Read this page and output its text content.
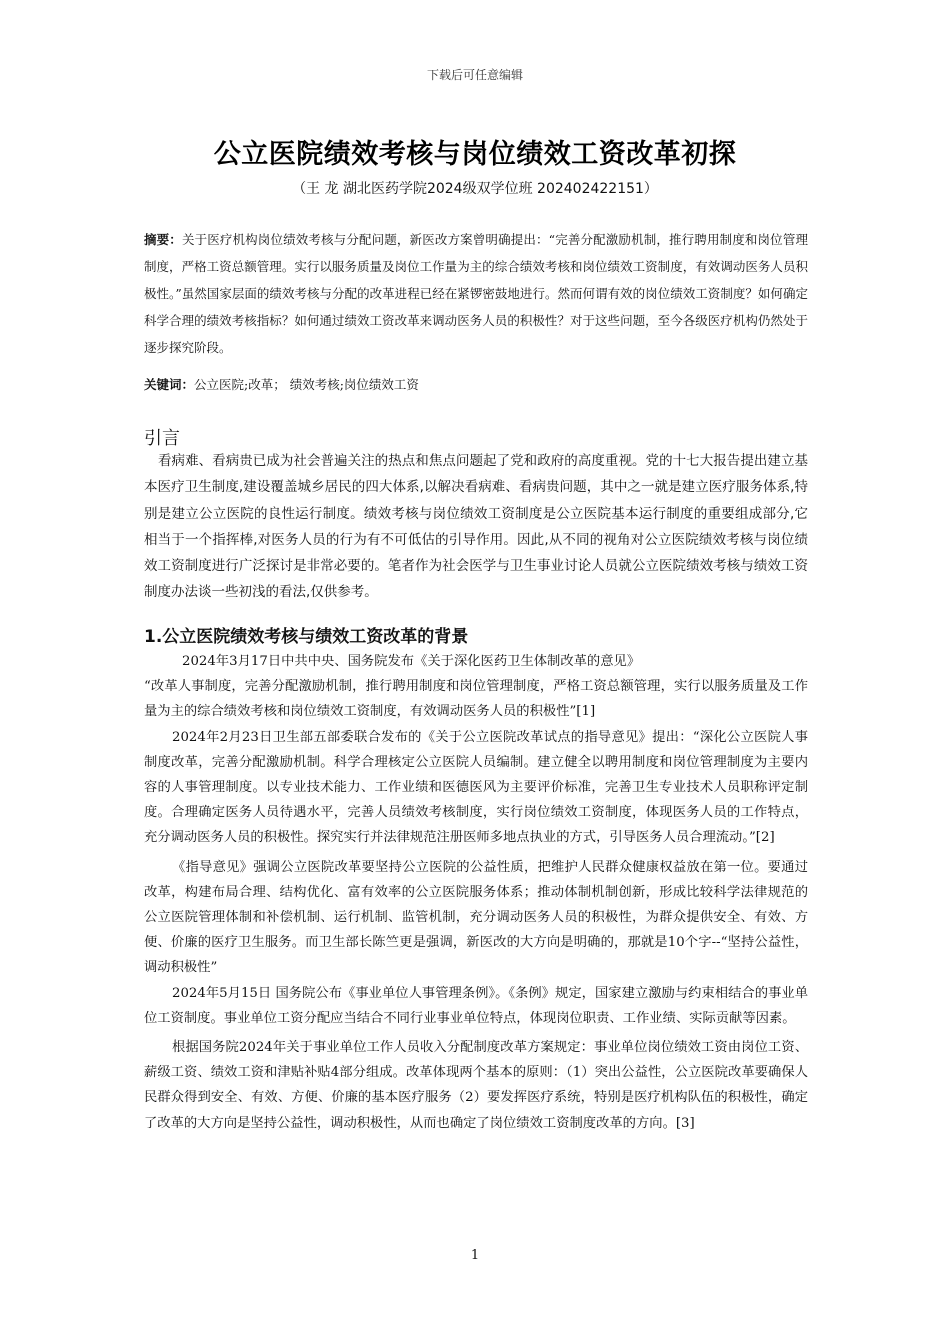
下载后可任意编辑
公立医院绩效考核与岗位绩效工资改革初探
（王 龙 湖北医药学院2024级双学位班 202402422151）
摘要：关于医疗机构岗位绩效考核与分配问题，新医改方案曾明确提出：“完善分配激励机制，推行聘用制度和岗位管理制度，严格工资总额管理。实行以服务质量及岗位工作量为主的综合绩效考核和岗位绩效工资制度，有效调动医务人员积极性。”虽然国家层面的绩效考核与分配的改革进程已经在紧锣密鼓地进行。然而何谓有效的岗位绩效工资制度？如何确定科学合理的绩效考核指标？如何通过绩效工资改革来调动医务人员的积极性？对于这些问题，至今各级医疗机构仍然处于逐步探究阶段。
关键词：公立医院;改革； 绩效考核;岗位绩效工资
引言

看病难、看病贵已成为社会普遍关注的热点和焦点问题起了党和政府的高度重视。党的十七大报告提出建立基本医疗卫生制度,建设覆盖城乡居民的四大体系,以解决看病难、看病贵问题，其中之一就是建立医疗服务体系,特别是建立公立医院的良性运行制度。绩效考核与岗位绩效工资制度是公立医院基本运行制度的重要组成部分,它相当于一个指挥棒,对医务人员的行为有不可低估的引导作用。因此,从不同的视角对公立医院绩效考核与岗位绩效工资制度进行广泛探讨是非常必要的。笔者作为社会医学与卫生事业讨论人员就公立医院绩效考核与绩效工资制度办法谈一些初浅的看法,仅供参考。

1.公立医院绩效考核与绩效工资改革的背景

2024年3月17日中共中央、国务院发布《关于深化医药卫生体制改革的意见》

“改革人事制度，完善分配激励机制，推行聘用制度和岗位管理制度，严格工资总额管理，实行以服务质量及工作量为主的综合绩效考核和岗位绩效工资制度，有效调动医务人员的积极性”[1]

2024年2月23日卫生部五部委联合发布的《关于公立医院改革试点的指导意见》提出：“深化公立医院人事制度改革，完善分配激励机制。科学合理核定公立医院人员编制。建立健全以聘用制度和岗位管理制度为主要内容的人事管理制度。以专业技术能力、工作业绩和医德医风为主要评价标准，完善卫生专业技术人员职称评定制度。合理确定医务人员待遇水平，完善人员绩效考核制度，实行岗位绩效工资制度，体现医务人员的工作特点，充分调动医务人员的积极性。探究实行并法律规范注册医师多地点执业的方式，引导医务人员合理流动。”[2]

《指导意见》强调公立医院改革要坚持公立医院的公益性质，把维护人民群众健康权益放在第一位。要通过改革，构建布局合理、结构优化、富有效率的公立医院服务体系；推动体制机制创新，形成比较科学法律规范的公立医院管理体制和补偿机制、运行机制、监管机制，充分调动医务人员的积极性，为群众提供安全、有效、方便、价廉的医疗卫生服务。而卫生部长陈竺更是强调，新医改的大方向是明确的，那就是10个字--“坚持公益性，调动积极性”

2024年5月15日 国务院公布《事业单位人事管理条例》。《条例》规定，国家建立激励与约束相结合的事业单位工资制度。事业单位工资分配应当结合不同行业事业单位特点，体现岗位职责、工作业绩、实际贡献等因素。

根据国务院2024年关于事业单位工作人员收入分配制度改革方案规定：事业单位岗位绩效工资由岗位工资、薪级工资、绩效工资和津贴补贴4部分组成。改革体现两个基本的原则：（1）突出公益性，公立医院改革要确保人民群众得到安全、有效、方便、价廉的基本医疗服务（2）要发挥医疗系统，特别是医疗机构队伍的积极性，确定了改革的大方向是坚持公益性，调动积极性，从而也确定了岗位绩效工资制度改革的方向。[3]

1
